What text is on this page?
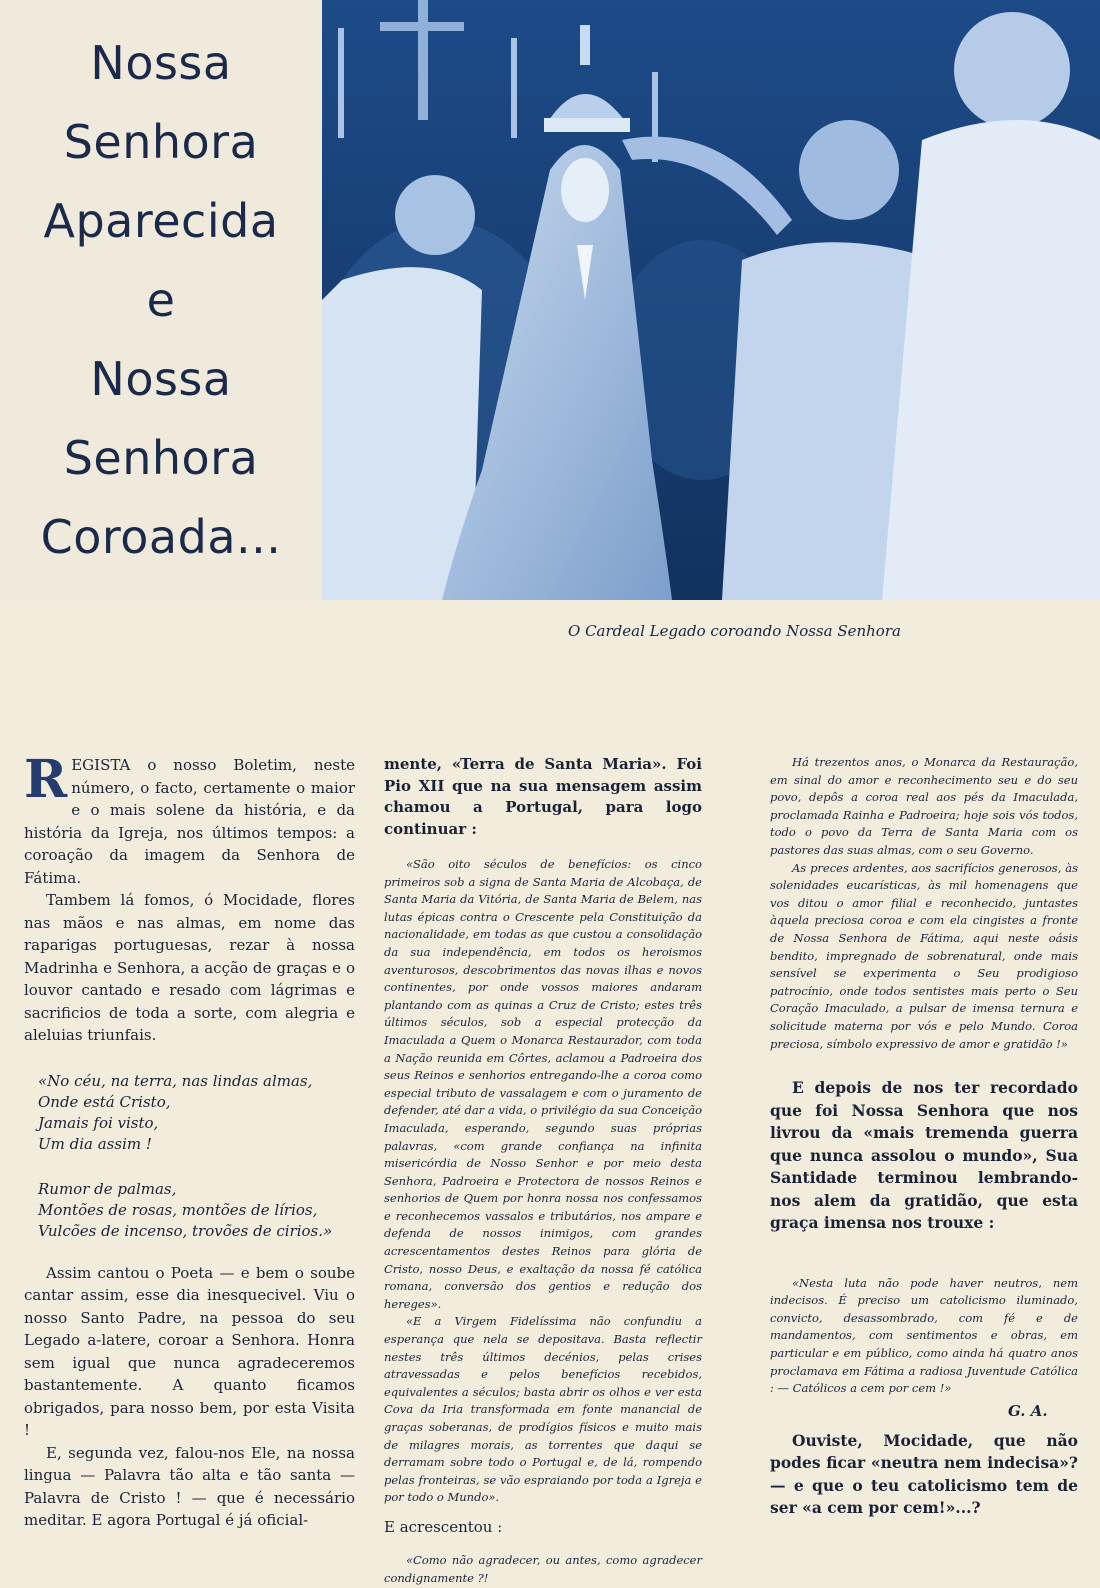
Nossa
Senhora
Aparecida
e
Nossa
Senhora
Coroada...
O Cardeal Legado coroando Nossa Senhora

R EGISTA o nosso Boletim, neste número, o facto, certamente o maior e o mais solene da história, e da história da Igreja, nos últimos tempos: a coroação da imagem da Senhora de Fátima.

Tambem lá fomos, ó Mocidade, flores nas mãos e nas almas, em nome das raparigas portuguesas, rezar à nossa Madrinha e Senhora, a acção de graças e o louvor cantado e resado com lágrimas e sacrificios de toda a sorte, com alegria e aleluias triunfais.

«No céu, na terra, nas lindas almas,
Onde está Cristo,
Jamais foi visto,
Um dia assim !
Rumor de palmas,
Montões de rosas, montões de lírios,
Vulcões de incenso, trovões de cirios.»

Assim cantou o Poeta — e bem o soube cantar assim, esse dia inesquecivel. Viu o nosso Santo Padre, na pessoa do seu Legado a-latere, coroar a Senhora. Honra sem igual que nunca agradeceremos bastantemente. A quanto ficamos obrigados, para nosso bem, por esta Visita !

E, segunda vez, falou-nos Ele, na nossa lingua — Palavra tão alta e tão santa — Palavra de Cristo ! — que é necessário meditar. E agora Portugal é já oficial-

mente, «Terra de Santa Maria». Foi Pio XII que na sua mensagem assim chamou a Portugal, para logo continuar :

«São oito séculos de benefícios: os cinco primeiros sob a signa de Santa Maria de Alcobaça, de Santa Maria da Vitória, de Santa Maria de Belem, nas lutas épicas contra o Crescente pela Constituição da nacionalidade, em todas as que custou a consolidação da sua independência, em todos os heroismos aventurosos, descobrimentos das novas ilhas e novos continentes, por onde vossos maiores andaram plantando com as quinas a Cruz de Cristo; estes três últimos séculos, sob a especial protecção da Imaculada a Quem o Monarca Restaurador, com toda a Nação reunida em Côrtes, aclamou a Padroeira dos seus Reinos e senhorios entregando-lhe a coroa como especial tributo de vassalagem e com o juramento de defender, até dar a vida, o privilégio da sua Conceição Imaculada, esperando, segundo suas próprias palavras, «com grande confiança na infinita misericórdia de Nosso Senhor e por meio desta Senhora, Padroeira e Protectora de nossos Reinos e senhorios de Quem por honra nossa nos confessamos e reconhecemos vassalos e tributários, nos ampare e defenda de nossos inimigos, com grandes acrescentamentos destes Reinos para glória de Cristo, nosso Deus, e exaltação da nossa fé católica romana, conversão dos gentios e redução dos hereges».

«E a Virgem Fidelíssima não confundiu a esperança que nela se depositava. Basta reflectir nestes três últimos decénios, pelas crises atravessadas e pelos benefícios recebidos, equivalentes a séculos; basta abrir os olhos e ver esta Cova da Iria transformada em fonte manancial de graças soberanas, de prodígios físicos e muito mais de milagres morais, as torrentes que daqui se derramam sobre todo o Portugal e, de lá, rompendo pelas fronteiras, se vão espraiando por toda a Igreja e por todo o Mundo».

E acrescentou :

«Como não agradecer, ou antes, como agradecer condignamente ?!

Há trezentos anos, o Monarca da Restauração, em sinal do amor e reconhecimento seu e do seu povo, depôs a coroa real aos pés da Imaculada, proclamada Rainha e Padroeira; hoje sois vós todos, todo o povo da Terra de Santa Maria com os pastores das suas almas, com o seu Governo.

As preces ardentes, aos sacrifícios generosos, às solenidades eucarísticas, às mil homenagens que vos ditou o amor filial e reconhecido, juntastes àquela preciosa coroa e com ela cingistes a fronte de Nossa Senhora de Fátima, aqui neste oásis bendito, impregnado de sobrenatural, onde mais sensível se experimenta o Seu prodigioso patrocínio, onde todos sentistes mais perto o Seu Coração Imaculado, a pulsar de imensa ternura e solicitude materna por vós e pelo Mundo. Coroa preciosa, símbolo expressivo de amor e gratidão !»

E depois de nos ter recordado que foi Nossa Senhora que nos livrou da «mais tremenda guerra que nunca assolou o mundo», Sua Santidade terminou lembrando-nos alem da gratidão, que esta graça imensa nos trouxe :

«Nesta luta não pode haver neutros, nem indecisos. É preciso um catolicismo iluminado, convicto, desassombrado, com fé e de mandamentos, com sentimentos e obras, em particular e em público, como ainda há quatro anos proclamava em Fátima a radiosa Juventude Católica : — Católicos a cem por cem !»

Ouviste, Mocidade, que não podes ficar «neutra nem indecisa»? — e que o teu catolicismo tem de ser «a cem por cem!»...?

G. A.
